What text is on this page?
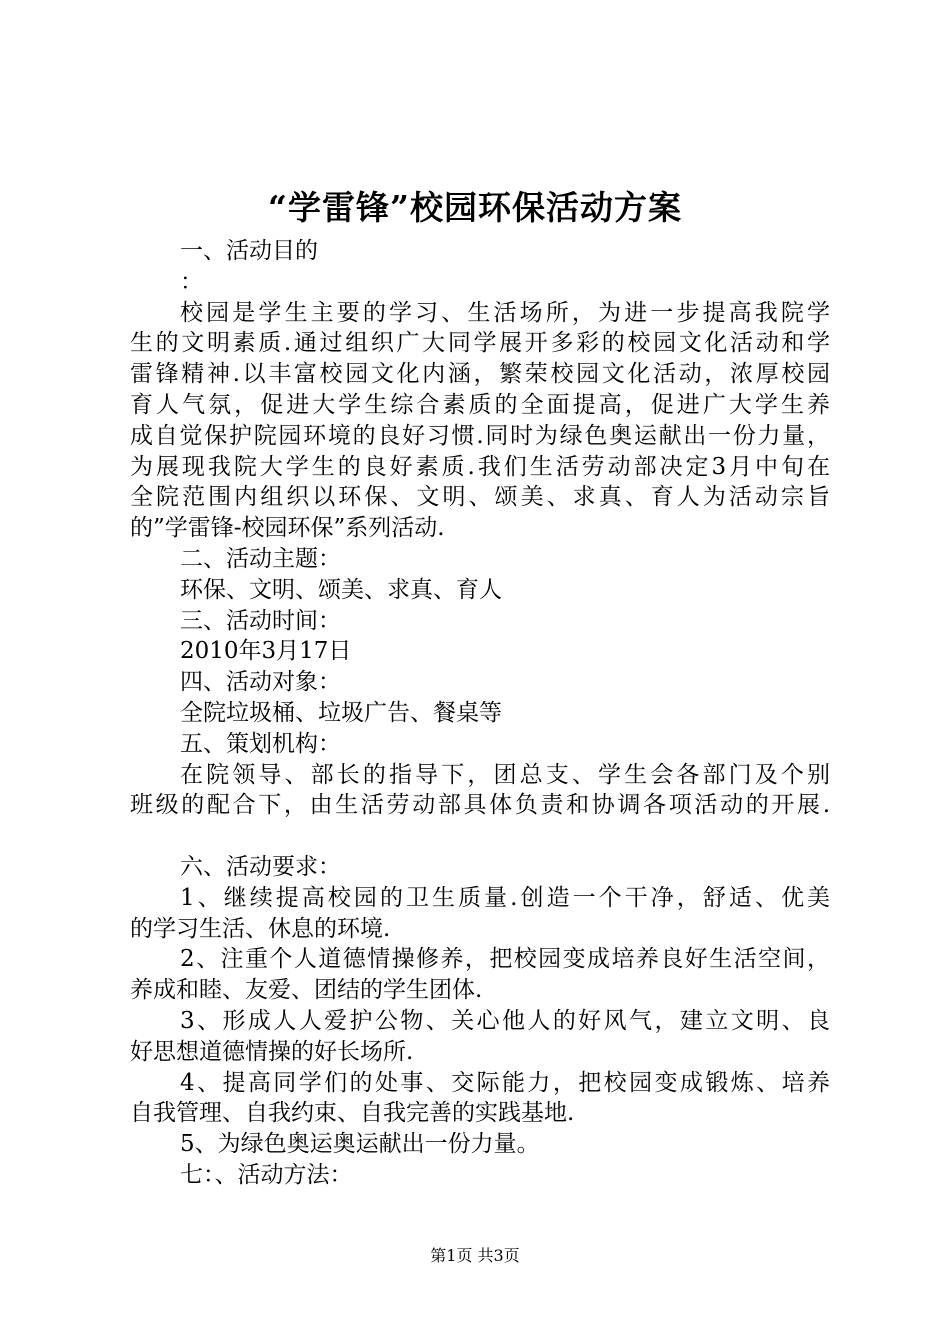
“学雷锋”校园环保活动方案
一、活动目的
：
校园是学生主要的学习、生活场所，为进一步提高我院学
生的文明素质.通过组织广大同学展开多彩的校园文化活动和学
雷锋精神.以丰富校园文化内涵，繁荣校园文化活动，浓厚校园
育人气氛，促进大学生综合素质的全面提高，促进广大学生养
成自觉保护院园环境的良好习惯.同时为绿色奥运献出一份力量，
为展现我院大学生的良好素质.我们生活劳动部决定3月中旬在
全院范围内组织以环保、文明、颂美、求真、育人为活动宗旨
的”学雷锋-校园环保”系列活动.
二、活动主题：
环保、文明、颂美、求真、育人
三、活动时间：
2010年3月17日
四、活动对象：
全院垃圾桶、垃圾广告、餐桌等
五、策划机构：
在院领导、部长的指导下，团总支、学生会各部门及个别
班级的配合下，由生活劳动部具体负责和协调各项活动的开展.
六、活动要求：
1、继续提高校园的卫生质量.创造一个干净，舒适、优美
的学习生活、休息的环境.
2、注重个人道德情操修养，把校园变成培养良好生活空间，
养成和睦、友爱、团结的学生团体.
3、形成人人爱护公物、关心他人的好风气，建立文明、良
好思想道德情操的好长场所.
4、提高同学们的处事、交际能力，把校园变成锻炼、培养
自我管理、自我约束、自我完善的实践基地.
5、为绿色奥运奥运献出一份力量。
七：、活动方法：
第1页 共3页
